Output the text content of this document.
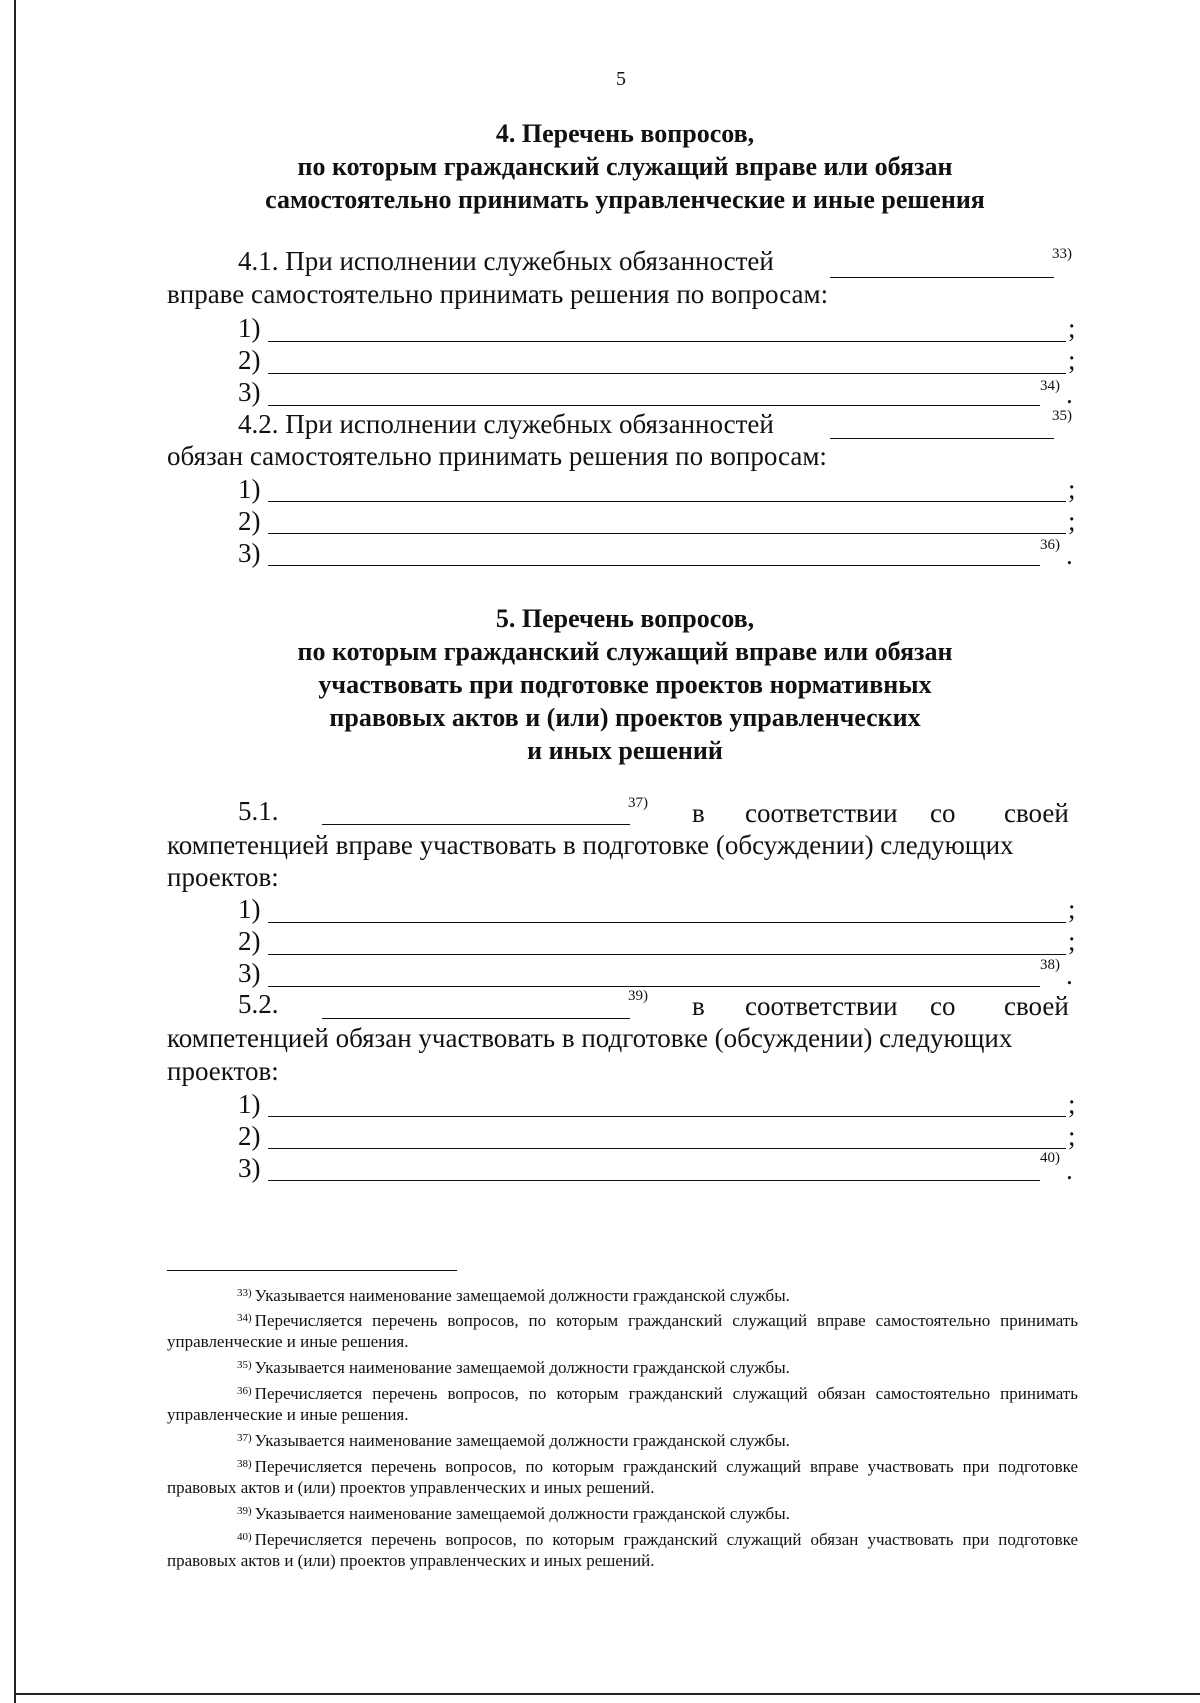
5
4. Перечень вопросов,
по которым гражданский служащий вправе или обязан
самостоятельно принимать управленческие и иные решения
4.1. При исполнении служебных обязанностей	33)
вправе самостоятельно принимать решения по вопросам:
1)	;
2)	;
3)	34) .
4.2. При исполнении служебных обязанностей	35)
обязан самостоятельно принимать решения по вопросам:
1)	;
2)	;
3)	36) .
5. Перечень вопросов,
по которым гражданский служащий вправе или обязан
участвовать при подготовке проектов нормативных
правовых актов и (или) проектов управленческих
и иных решений
5.1.	37) в соответствии со своей
компетенцией вправе участвовать в подготовке (обсуждении) следующих
проектов:
1)	;
2)	;
3)	38) .
5.2.	39) в соответствии со своей
компетенцией обязан участвовать в подготовке (обсуждении) следующих
проектов:
1)	;
2)	;
3)	40) .

$^{33)}$ Указывается наименование замещаемой должности гражданской службы.

$^{34)}$ Перечисляется перечень вопросов, по которым гражданский служащий вправе самостоятельно принимать управленческие и иные решения.

$^{35)}$ Указывается наименование замещаемой должности гражданской службы.

$^{36)}$ Перечисляется перечень вопросов, по которым гражданский служащий обязан самостоятельно принимать управленческие и иные решения.

$^{37)}$ Указывается наименование замещаемой должности гражданской службы.

$^{38)}$ Перечисляется перечень вопросов, по которым гражданский служащий вправе участвовать при подготовке правовых актов и (или) проектов управленческих и иных решений.

$^{39)}$ Указывается наименование замещаемой должности гражданской службы.

$^{40)}$ Перечисляется перечень вопросов, по которым гражданский служащий обязан участвовать при подготовке правовых актов и (или) проектов управленческих и иных решений.
